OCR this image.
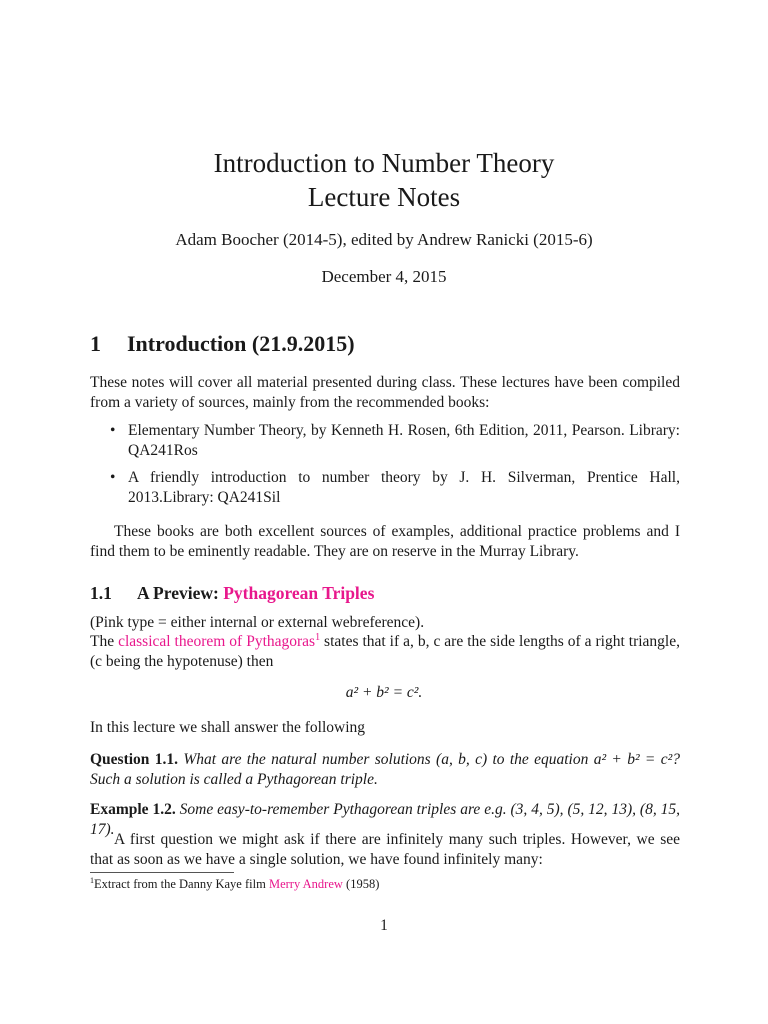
Introduction to Number Theory
Lecture Notes
Adam Boocher (2014-5), edited by Andrew Ranicki (2015-6)
December 4, 2015
1 Introduction (21.9.2015)
These notes will cover all material presented during class. These lectures have been compiled from a variety of sources, mainly from the recommended books:
• Elementary Number Theory, by Kenneth H. Rosen, 6th Edition, 2011, Pearson. Library: QA241Ros
• A friendly introduction to number theory by J. H. Silverman, Prentice Hall, 2013.Library: QA241Sil
These books are both excellent sources of examples, additional practice problems and I find them to be eminently readable. They are on reserve in the Murray Library.
1.1 A Preview: Pythagorean Triples
(Pink type = either internal or external webreference).
The classical theorem of Pythagoras$^1$ states that if a, b, c are the side lengths of a right triangle, (c being the hypotenuse) then
a² + b² = c².
In this lecture we shall answer the following
Question 1.1. What are the natural number solutions (a, b, c) to the equation a² + b² = c²? Such a solution is called a Pythagorean triple.
Example 1.2. Some easy-to-remember Pythagorean triples are e.g. (3, 4, 5), (5, 12, 13), (8, 15, 17).
A first question we might ask if there are infinitely many such triples. However, we see that as soon as we have a single solution, we have found infinitely many:
$^1$Extract from the Danny Kaye film Merry Andrew (1958)
1
